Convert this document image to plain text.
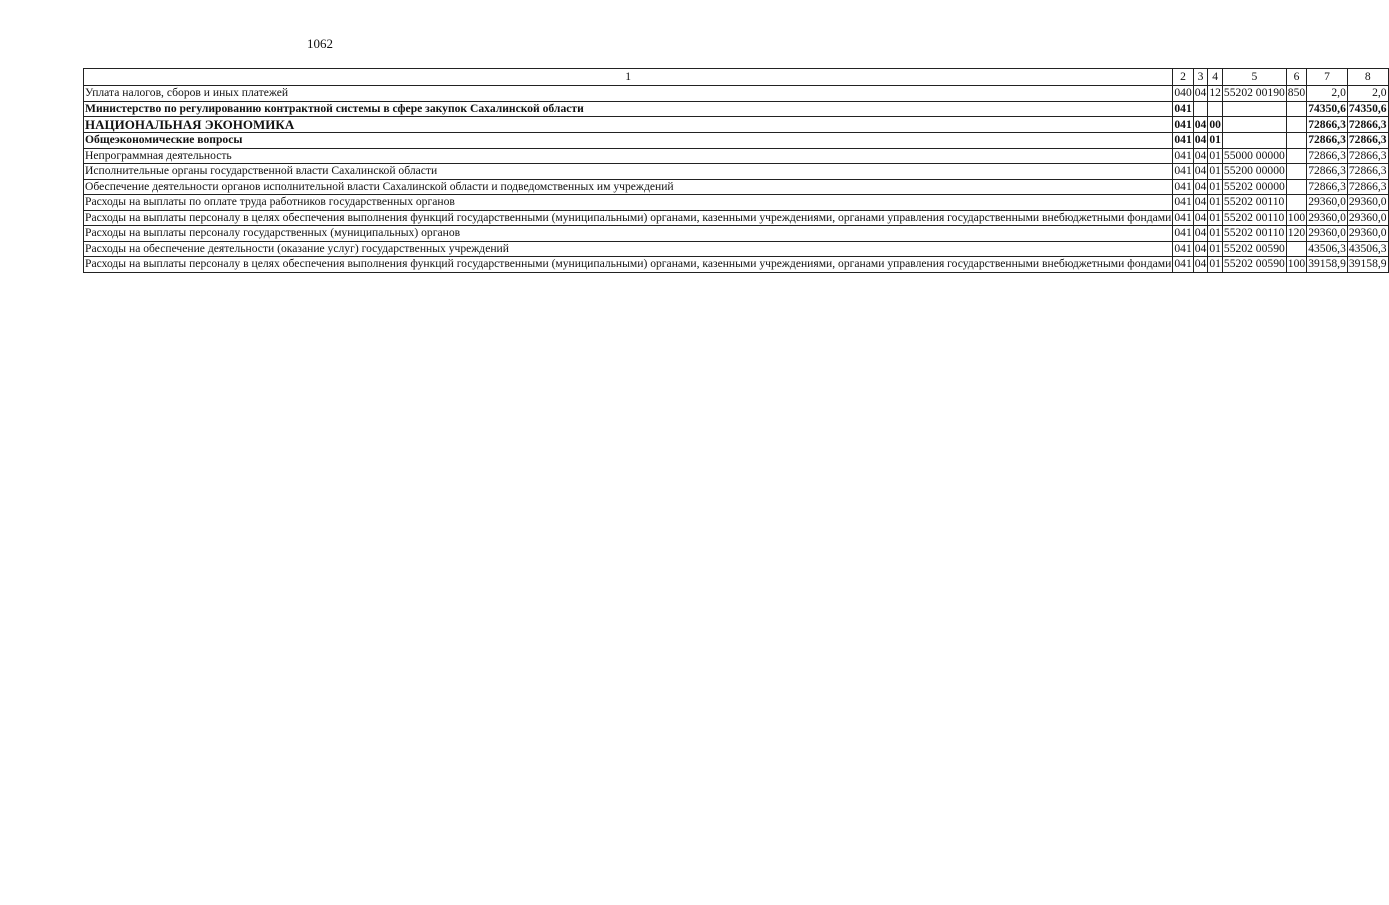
1062
1	2	3	4	5	6	7	8
Уплата налогов, сборов и иных платежей	040	04	12	55202 00190	850	2,0	2,0
Министерство по регулированию контрактной системы в сфере закупок Сахалинской области	041					74350,6	74350,6
НАЦИОНАЛЬНАЯ ЭКОНОМИКА	041	04	00			72866,3	72866,3
Общеэкономические вопросы	041	04	01			72866,3	72866,3
Непрограммная деятельность	041	04	01	55000 00000		72866,3	72866,3
Исполнительные органы государственной власти Сахалинской области	041	04	01	55200 00000		72866,3	72866,3
Обеспечение деятельности органов исполнительной власти Сахалинской области и подведомственных им учреждений	041	04	01	55202 00000		72866,3	72866,3
Расходы на выплаты по оплате труда работников государственных органов	041	04	01	55202 00110		29360,0	29360,0
Расходы на выплаты персоналу в целях обеспечения выполнения функций государственными (муниципальными) органами, казенными учреждениями, органами управления государственными внебюджетными фондами	041	04	01	55202 00110	100	29360,0	29360,0
Расходы на выплаты персоналу государственных (муниципальных) органов	041	04	01	55202 00110	120	29360,0	29360,0
Расходы на обеспечение деятельности (оказание услуг) государственных учреждений	041	04	01	55202 00590		43506,3	43506,3
Расходы на выплаты персоналу в целях обеспечения выполнения функций государственными (муниципальными) органами, казенными учреждениями, органами управления государственными внебюджетными фондами	041	04	01	55202 00590	100	39158,9	39158,9
